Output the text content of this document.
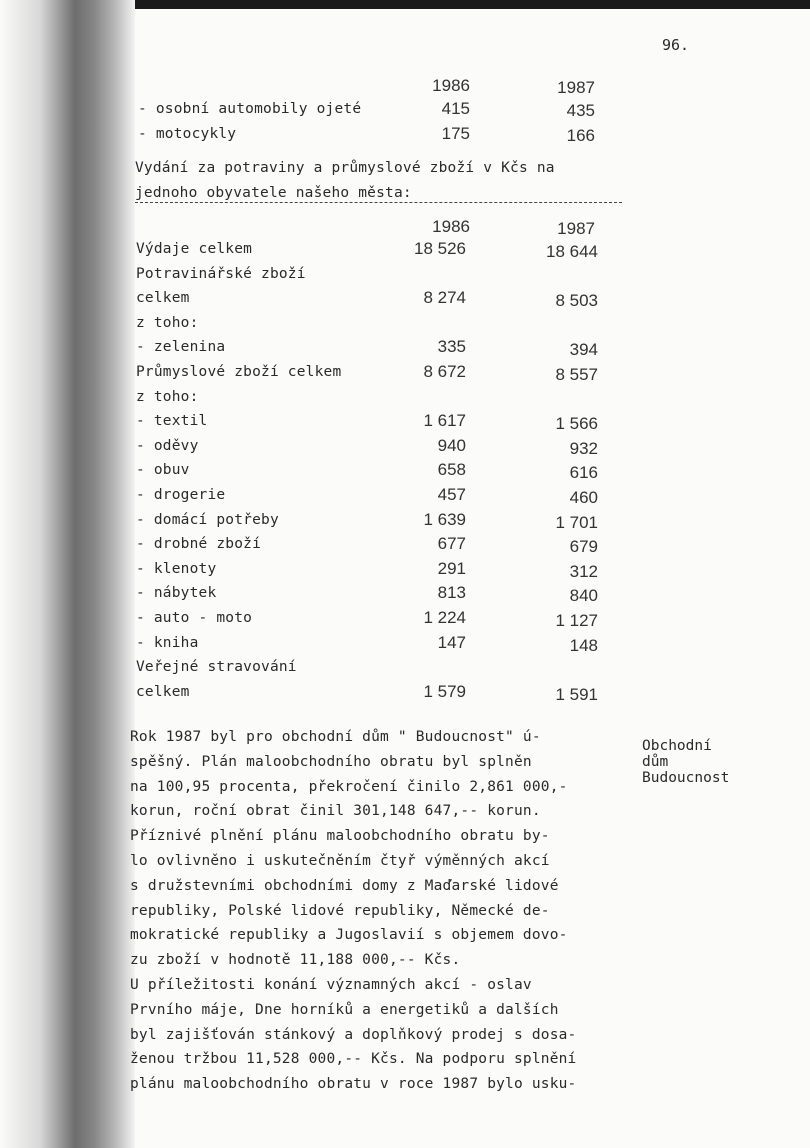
96.
1986	1987
- osobní automobily ojeté	415	435
- motocykly	175	166
Vydání za potraviny a průmyslové zboží v Kčs na
jednoho obyvatele našeho města:
1986	1987
Výdaje celkem	18 526	18 644
Potravinářské zboží
celkem	8 274	8 503
z toho:
- zelenina	335	394
Průmyslové zboží celkem	8 672	8 557
z toho:
- textil	1 617	1 566
- oděvy	940	932
- obuv	658	616
- drogerie	457	460
- domácí potřeby	1 639	1 701
- drobné zboží	677	679
- klenoty	291	312
- nábytek	813	840
- auto - moto	1 224	1 127
- kniha	147	148
Veřejné stravování
celkem	1 579	1 591
Rok 1987 byl pro obchodní dům " Budoucnost" ú-
spěšný. Plán maloobchodního obratu byl splněn
na 100,95 procenta, překročení činilo 2,861 000,-
korun, roční obrat činil 301,148 647,-- korun.
Příznivé plnění plánu maloobchodního obratu by-
lo ovlivněno i uskutečněním čtyř výměnných akcí
s družstevními obchodními domy z Maďarské lidové
republiky, Polské lidové republiky, Německé de-
mokratické republiky a Jugoslavií s objemem dovo-
zu zboží v hodnotě 11,188 000,-- Kčs.
U příležitosti konání významných akcí - oslav
Prvního máje, Dne horníků a energetiků a dalších
byl zajišťován stánkový a doplňkový prodej s dosa-
ženou tržbou 11,528 000,-- Kčs. Na podporu splnění
plánu maloobchodního obratu v roce 1987 bylo usku-
Obchodní
dům
Budoucnost
